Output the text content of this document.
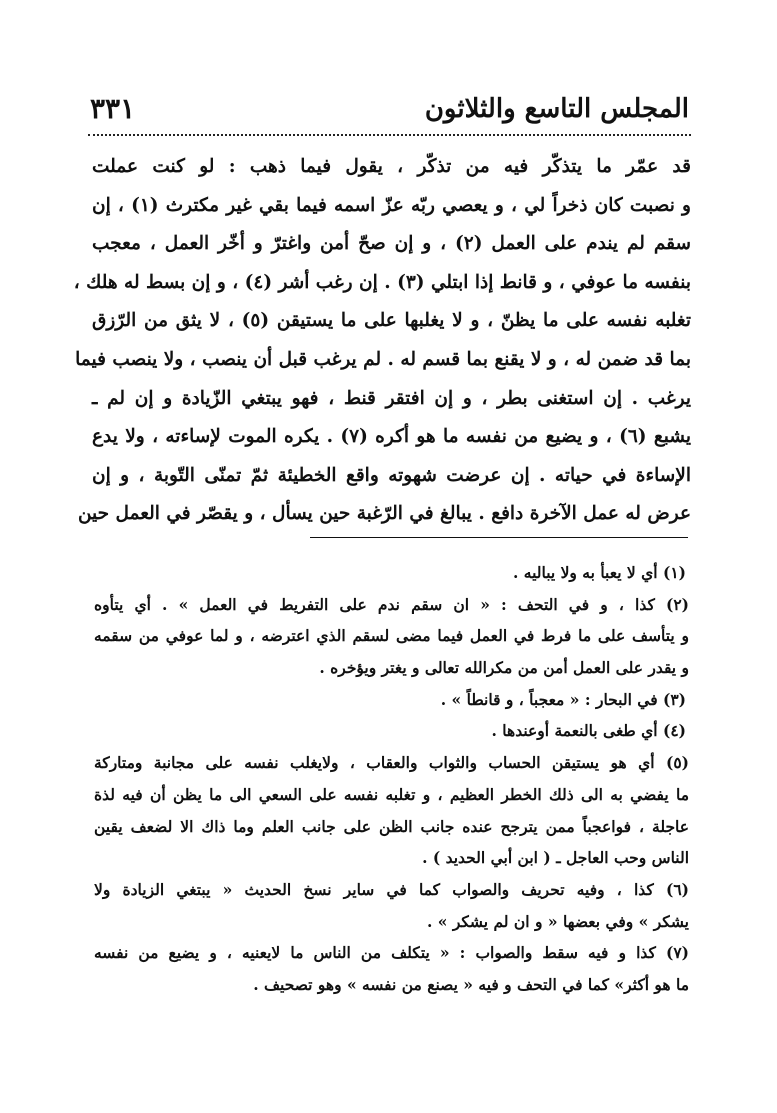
المجلس التاسع والثلاثون
٣٣١
قد عمّر ما يتذكّر فيه من تذكّر ، يقول فيما ذهب : لو كنت عملت
و نصبت كان ذخراً لي ، و يعصي ربّه عزّ اسمه فيما بقي غير مكترث (١) ، إن
سقم لم يندم على العمل (٢) ، و إن صحّ أمن واغترّ و أخّر العمل ، معجب
بنفسه ما عوفي ، و قانط إذا ابتلي (٣) . إن رغب أشر (٤) ، و إن بسط له هلك ،
تغلبه نفسه على ما يظنّ ، و لا يغلبها على ما يستيقن (٥) ، لا يثق من الرّزق
بما قد ضمن له ، و لا يقنع بما قسم له . لم يرغب قبل أن ينصب ، ولا ينصب فيما
يرغب . إن استغنى بطر ، و إن افتقر قنط ، فهو يبتغي الزّيادة و إن لم ـ
يشبع (٦) ، و يضيع من نفسه ما هو أكره (٧) . يكره الموت لإساءته ، ولا يدع
الإساءة في حياته . إن عرضت شهوته واقع الخطيئة ثمّ تمنّى التّوبة ، و إن
عرض له عمل الآخرة دافع . يبالغ في الرّغبة حين يسأل ، و يقصّر في العمل حين
(١) أي لا يعبأ به ولا يباليه .
(٢) كذا ، و في التحف : « ان سقم ندم على التفريط في العمل » . أي يتأوه
و يتأسف على ما فرط في العمل فيما مضى لسقم الذي اعترضه ، و لما عوفي من سقمه
و يقدر على العمل أمن من مكرالله تعالى و يغتر ويؤخره .
(٣) في البحار : « معجباً ، و قانطاً » .
(٤) أي طغى بالنعمة أوعندها .
(٥) أي هو يستيقن الحساب والثواب والعقاب ، ولايغلب نفسه على مجانبة ومتاركة
ما يفضي به الى ذلك الخطر العظيم ، و تغلبه نفسه على السعي الى ما يظن أن فيه لذة
عاجلة ، فواعجباً ممن يترجح عنده جانب الظن على جانب العلم وما ذاك الا لضعف يقين
الناس وحب العاجل ـ ( ابن أبي الحديد ) .
(٦) كذا ، وفيه تحريف والصواب كما في ساير نسخ الحديث « يبتغي الزيادة ولا
يشكر » وفي بعضها « و ان لم يشكر » .
(٧) كذا و فيه سقط والصواب : « يتكلف من الناس ما لايعنيه ، و يضيع من نفسه
ما هو أكثر» كما في التحف و فيه « يصنع من نفسه » وهو تصحيف .
